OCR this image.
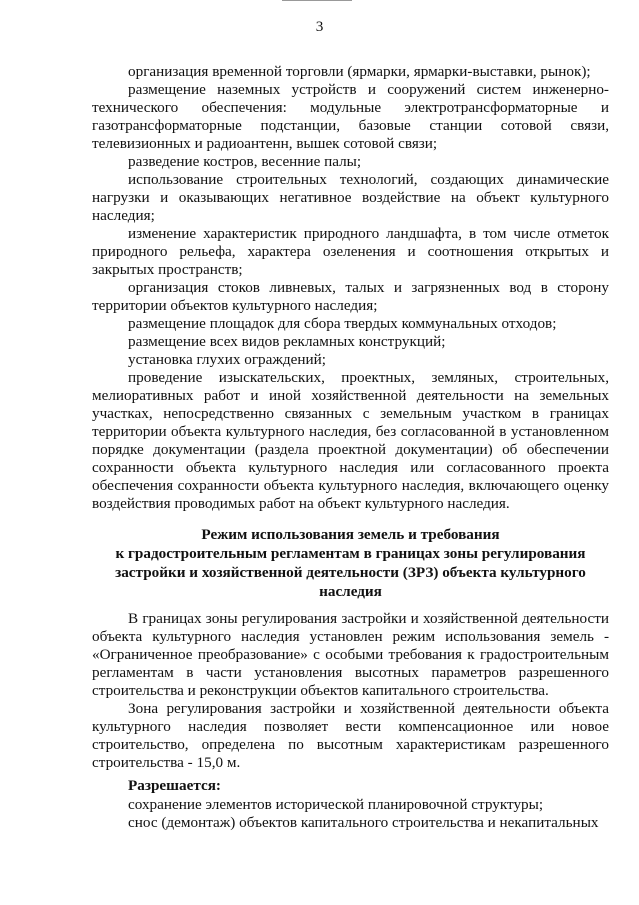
3

организация временной торговли (ярмарки, ярмарки-выставки, рынок);

размещение наземных устройств и сооружений систем инженерно-технического обеспечения: модульные электротрансформаторные и газотрансформаторные подстанции, базовые станции сотовой связи, телевизионных и радиоантенн, вышек сотовой связи;

разведение костров, весенние палы;

использование строительных технологий, создающих динамические нагрузки и оказывающих негативное воздействие на объект культурного наследия;

изменение характеристик природного ландшафта, в том числе отметок природного рельефа, характера озеленения и соотношения открытых и закрытых пространств;

организация стоков ливневых, талых и загрязненных вод в сторону территории объектов культурного наследия;

размещение площадок для сбора твердых коммунальных отходов;

размещение всех видов рекламных конструкций;

установка глухих ограждений;

проведение изыскательских, проектных, земляных, строительных, мелиоративных работ и иной хозяйственной деятельности на земельных участках, непосредственно связанных с земельным участком в границах территории объекта культурного наследия, без согласованной в установленном порядке документации (раздела проектной документации) об обеспечении сохранности объекта культурного наследия или согласованного проекта обеспечения сохранности объекта культурного наследия, включающего оценку воздействия проводимых работ на объект культурного наследия.

Режим использования земель и требования
к градостроительным регламентам в границах зоны регулирования
застройки и хозяйственной деятельности (ЗРЗ) объекта культурного
наследия

В границах зоны регулирования застройки и хозяйственной деятельности объекта культурного наследия установлен режим использования земель - «Ограниченное преобразование» с особыми требования к градостроительным регламентам в части установления высотных параметров разрешенного строительства и реконструкции объектов капитального строительства.

Зона регулирования застройки и хозяйственной деятельности объекта культурного наследия позволяет вести компенсационное или новое строительство, определена по высотным характеристикам разрешенного строительства - 15,0 м.

Разрешается:

сохранение элементов исторической планировочной структуры;

снос (демонтаж) объектов капитального строительства и некапитальных
